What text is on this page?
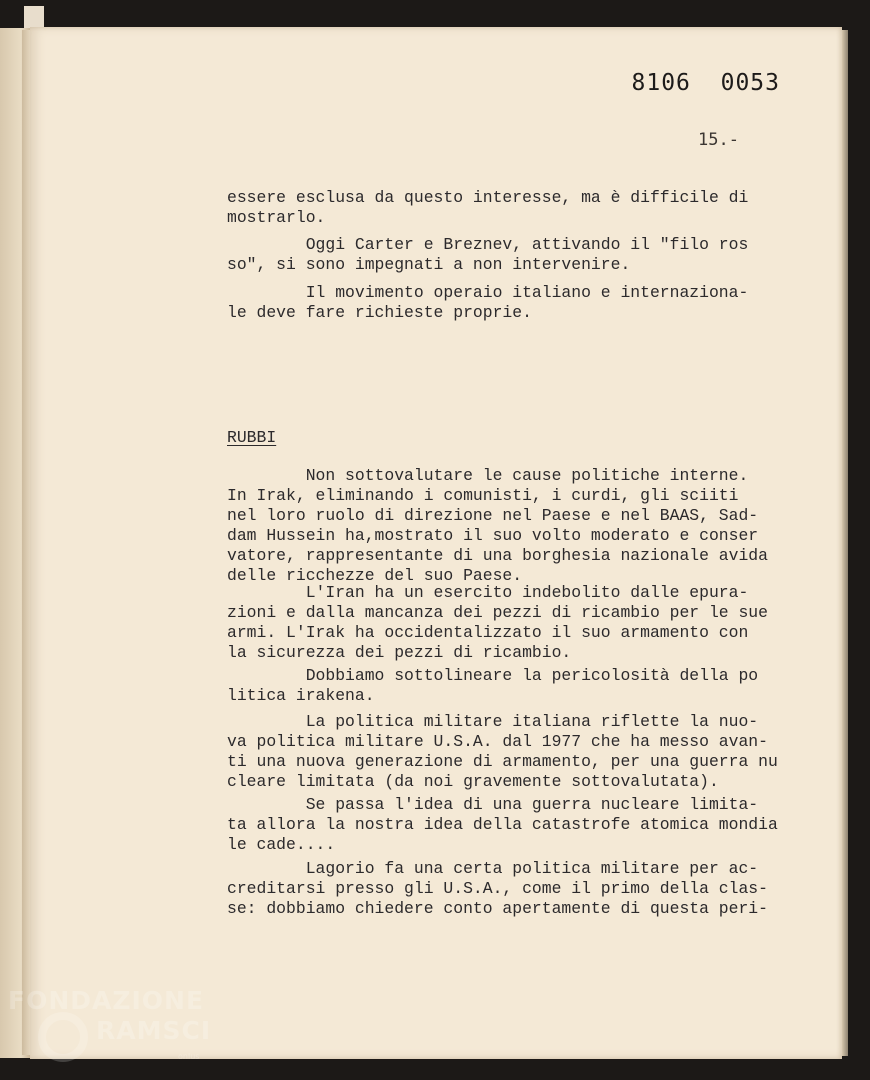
8106  0053
15.-
essere esclusa da questo interesse, ma è difficile di
mostrarlo.
Oggi Carter e Breznev, attivando il "filo ros
so", si sono impegnati a non intervenire.
Il movimento operaio italiano e internaziona-
le deve fare richieste proprie.
RUBBI
Non sottovalutare le cause politiche interne.
In Irak, eliminando i comunisti, i curdi, gli sciiti
nel loro ruolo di direzione nel Paese e nel BAAS, Sad-
dam Hussein ha,mostrato il suo volto moderato e conser
vatore, rappresentante di una borghesia nazionale avida
delle ricchezze del suo Paese.
L'Iran ha un esercito indebolito dalle epura-
zioni e dalla mancanza dei pezzi di ricambio per le sue
armi. L'Irak ha occidentalizzato il suo armamento con
la sicurezza dei pezzi di ricambio.
Dobbiamo sottolineare la pericolosità della po
litica irakena.
La politica militare italiana riflette la nuo-
va politica militare U.S.A. dal 1977 che ha messo avan-
ti una nuova generazione di armamento, per una guerra nu
cleare limitata (da noi gravemente sottovalutata).
Se passa l'idea di una guerra nucleare limita-
ta allora la nostra idea della catastrofe atomica mondia
le cade....
Lagorio fa una certa politica militare per ac-
creditarsi presso gli U.S.A., come il primo della clas-
se: dobbiamo chiedere conto apertamente di questa peri-
FONDAZIONE
RAMSCI
onlus
